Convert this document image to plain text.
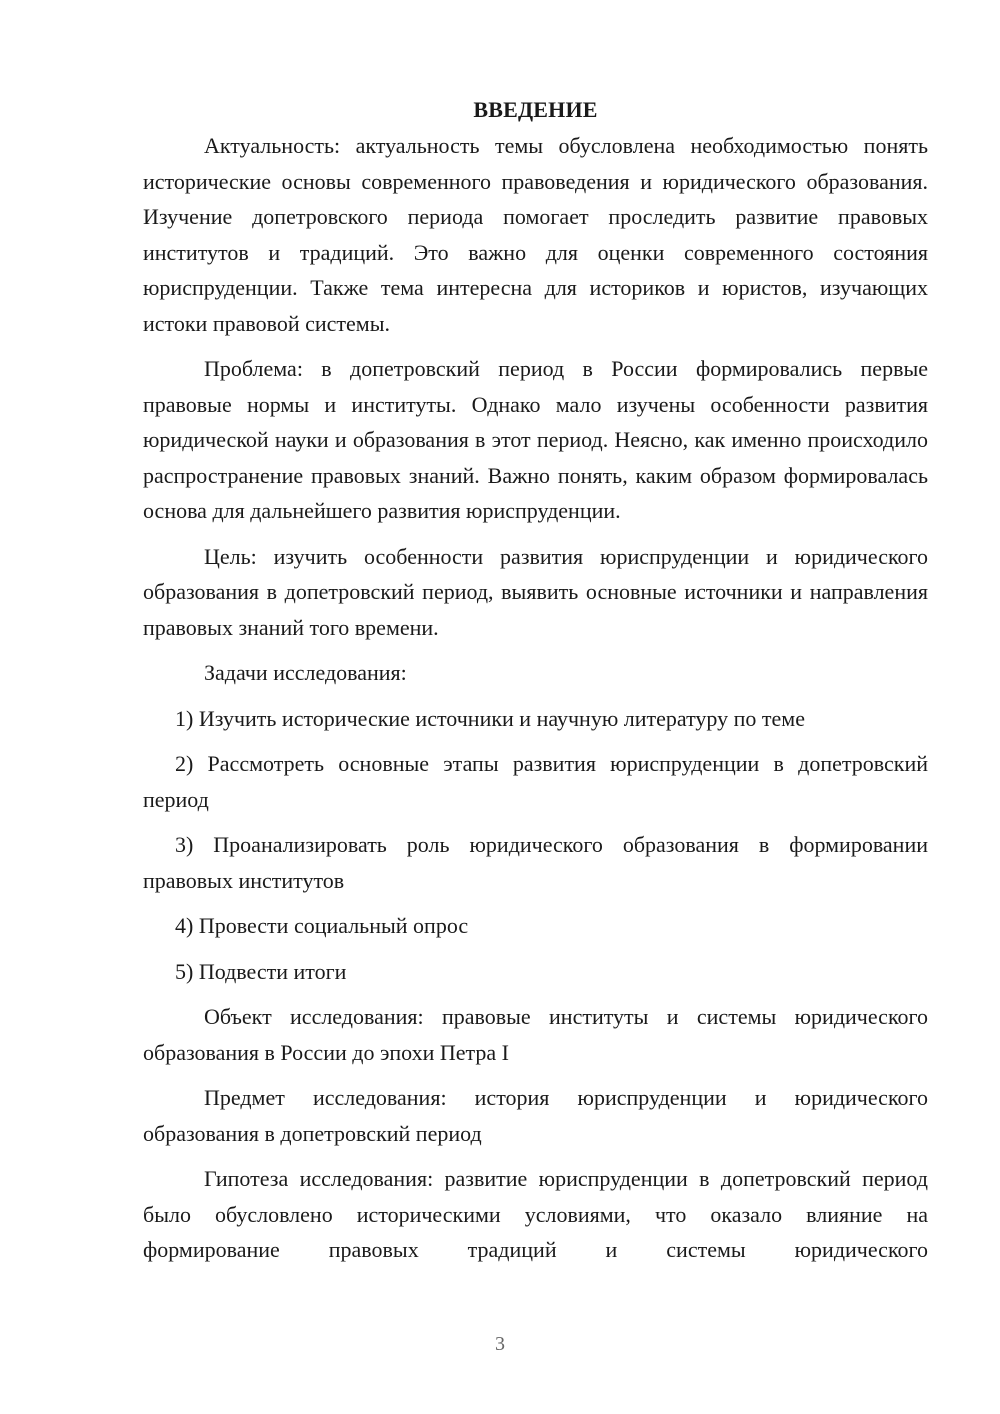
ВВЕДЕНИЕ

Актуальность: актуальность темы обусловлена необходимостью понять исторические основы современного правоведения и юридического образования. Изучение допетровского периода помогает проследить развитие правовых институтов и традиций. Это важно для оценки современного состояния юриспруденции. Также тема интересна для историков и юристов, изучающих истоки правовой системы.

Проблема: в допетровский период в России формировались первые правовые нормы и институты. Однако мало изучены особенности развития юридической науки и образования в этот период. Неясно, как именно происходило распространение правовых знаний. Важно понять, каким образом формировалась основа для дальнейшего развития юриспруденции.

Цель: изучить особенности развития юриспруденции и юридического образования в допетровский период, выявить основные источники и направления правовых знаний того времени.

Задачи исследования:

1) Изучить исторические источники и научную литературу по теме

2) Рассмотреть основные этапы развития юриспруденции в допетровский период

3) Проанализировать роль юридического образования в формировании правовых институтов

4) Провести социальный опрос

5) Подвести итоги

Объект исследования: правовые институты и системы юридического образования в России до эпохи Петра I

Предмет исследования: история юриспруденции и юридического образования в допетровский период

Гипотеза исследования: развитие юриспруденции в допетровский период было обусловлено историческими условиями, что оказало влияние на формирование правовых традиций и системы юридического

3
